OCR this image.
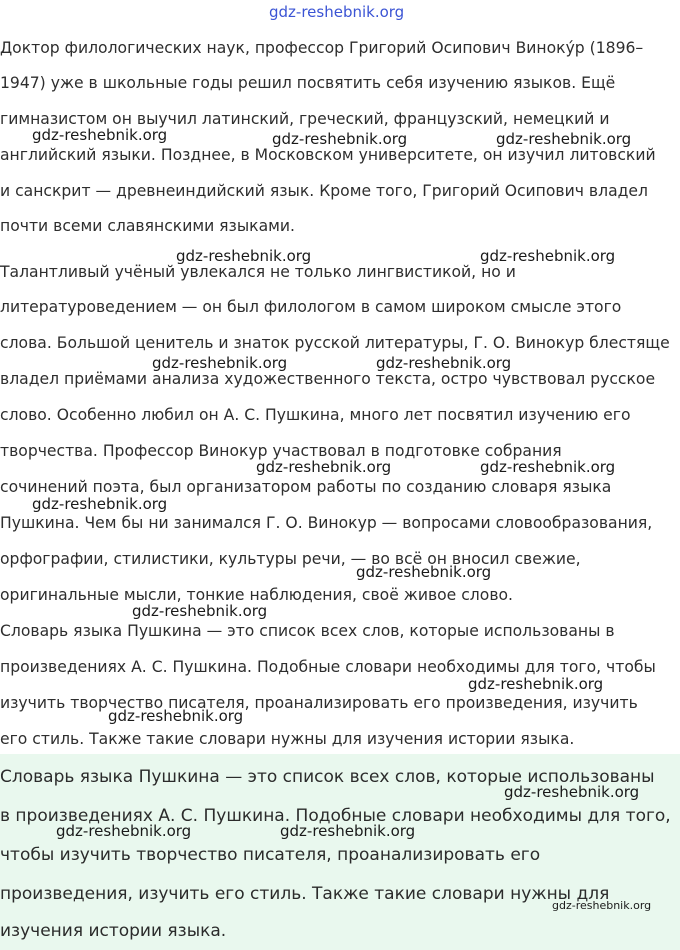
gdz-reshebnik.org
Доктор филологических наук, профессор Григорий Осипович Винокýр (1896–
1947) уже в школьные годы решил посвятить себя изучению языков. Ещё
гимназистом он выучил латинский, греческий, французский, немецкий и
английский языки. Позднее, в Московском университете, он изучил литовский
и санскрит — древнеиндийский язык. Кроме того, Григорий Осипович владел
почти всеми славянскими языками.
Талантливый учёный увлекался не только лингвистикой, но и
литературоведением — он был филологом в самом широком смысле этого
слова. Большой ценитель и знаток русской литературы, Г. О. Винокур блестяще
владел приёмами анализа художественного текста, остро чувствовал русское
слово. Особенно любил он А. С. Пушкина, много лет посвятил изучению его
творчества. Профессор Винокур участвовал в подготовке собрания
сочинений поэта, был организатором работы по созданию словаря языка
Пушкина. Чем бы ни занимался Г. О. Винокур — вопросами словообразования,
орфографии, стилистики, культуры речи, — во всё он вносил свежие,
оригинальные мысли, тонкие наблюдения, своё живое слово.
Словарь языка Пушкина — это список всех слов, которые использованы в
произведениях А. С. Пушкина. Подобные словари необходимы для того, чтобы
изучить творчество писателя, проанализировать его произведения, изучить
его стиль. Также такие словари нужны для изучения истории языка.
Словарь языка Пушкина — это список всех слов, которые использованы
в произведениях А. С. Пушкина. Подобные словари необходимы для того,
чтобы изучить творчество писателя, проанализировать его
произведения, изучить его стиль. Также такие словари нужны для
изучения истории языка.
gdz-reshebnik.org	gdz-reshebnik.org	gdz-reshebnik.org
gdz-reshebnik.org	gdz-reshebnik.org
gdz-reshebnik.org	gdz-reshebnik.org
gdz-reshebnik.org	gdz-reshebnik.org
gdz-reshebnik.org
gdz-reshebnik.org
gdz-reshebnik.org
gdz-reshebnik.org
gdz-reshebnik.org
gdz-reshebnik.org
gdz-reshebnik.org	gdz-reshebnik.org
gdz-reshebnik.org
